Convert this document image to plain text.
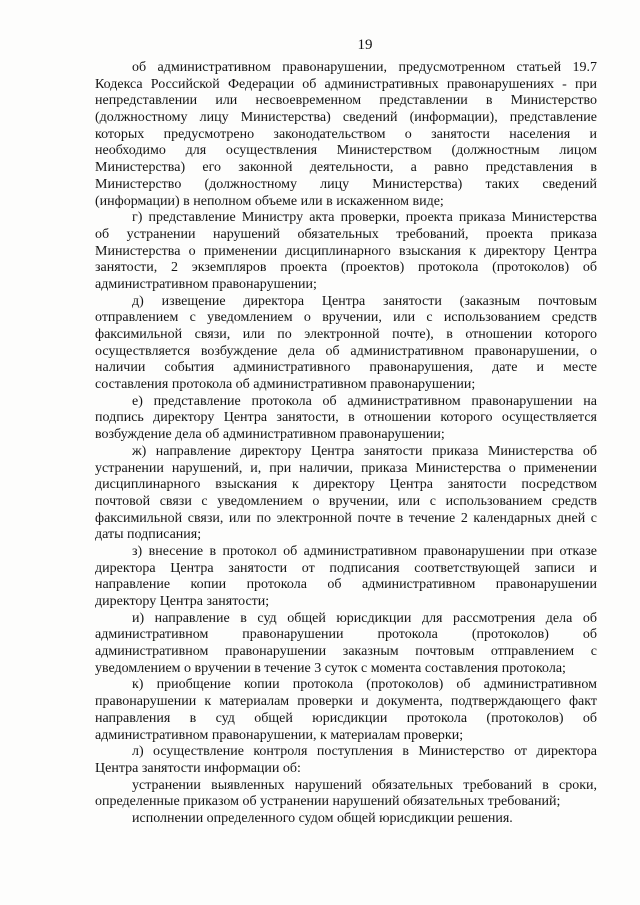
19
об административном правонарушении, предусмотренном статьей 19.7
Кодекса Российской Федерации об административных правонарушениях - при
непредставлении или несвоевременном представлении в Министерство
(должностному лицу Министерства) сведений (информации), представление
которых предусмотрено законодательством о занятости населения и
необходимо для осуществления Министерством (должностным лицом
Министерства) его законной деятельности, а равно представления в
Министерство (должностному лицу Министерства) таких сведений
(информации) в неполном объеме или в искаженном виде;
г) представление Министру акта проверки, проекта приказа Министерства
об устранении нарушений обязательных требований, проекта приказа
Министерства о применении дисциплинарного взыскания к директору Центра
занятости, 2 экземпляров проекта (проектов) протокола (протоколов) об
административном правонарушении;
д) извещение директора Центра занятости (заказным почтовым
отправлением с уведомлением о вручении, или с использованием средств
факсимильной связи, или по электронной почте), в отношении которого
осуществляется возбуждение дела об административном правонарушении, о
наличии события административного правонарушения, дате и месте
составления протокола об административном правонарушении;
е) представление протокола об административном правонарушении на
подпись директору Центра занятости, в отношении которого осуществляется
возбуждение дела об административном правонарушении;
ж) направление директору Центра занятости приказа Министерства об
устранении нарушений, и, при наличии, приказа Министерства о применении
дисциплинарного взыскания к директору Центра занятости посредством
почтовой связи с уведомлением о вручении, или с использованием средств
факсимильной связи, или по электронной почте в течение 2 календарных дней с
даты подписания;
з) внесение в протокол об административном правонарушении при отказе
директора Центра занятости от подписания соответствующей записи и
направление копии протокола об административном правонарушении
директору Центра занятости;
и) направление в суд общей юрисдикции для рассмотрения дела об
административном правонарушении протокола (протоколов) об
административном правонарушении заказным почтовым отправлением с
уведомлением о вручении в течение 3 суток с момента составления протокола;
к) приобщение копии протокола (протоколов) об административном
правонарушении к материалам проверки и документа, подтверждающего факт
направления в суд общей юрисдикции протокола (протоколов) об
административном правонарушении, к материалам проверки;
л) осуществление контроля поступления в Министерство от директора
Центра занятости информации об:
устранении выявленных нарушений обязательных требований в сроки,
определенные приказом об устранении нарушений обязательных требований;
исполнении определенного судом общей юрисдикции решения.
